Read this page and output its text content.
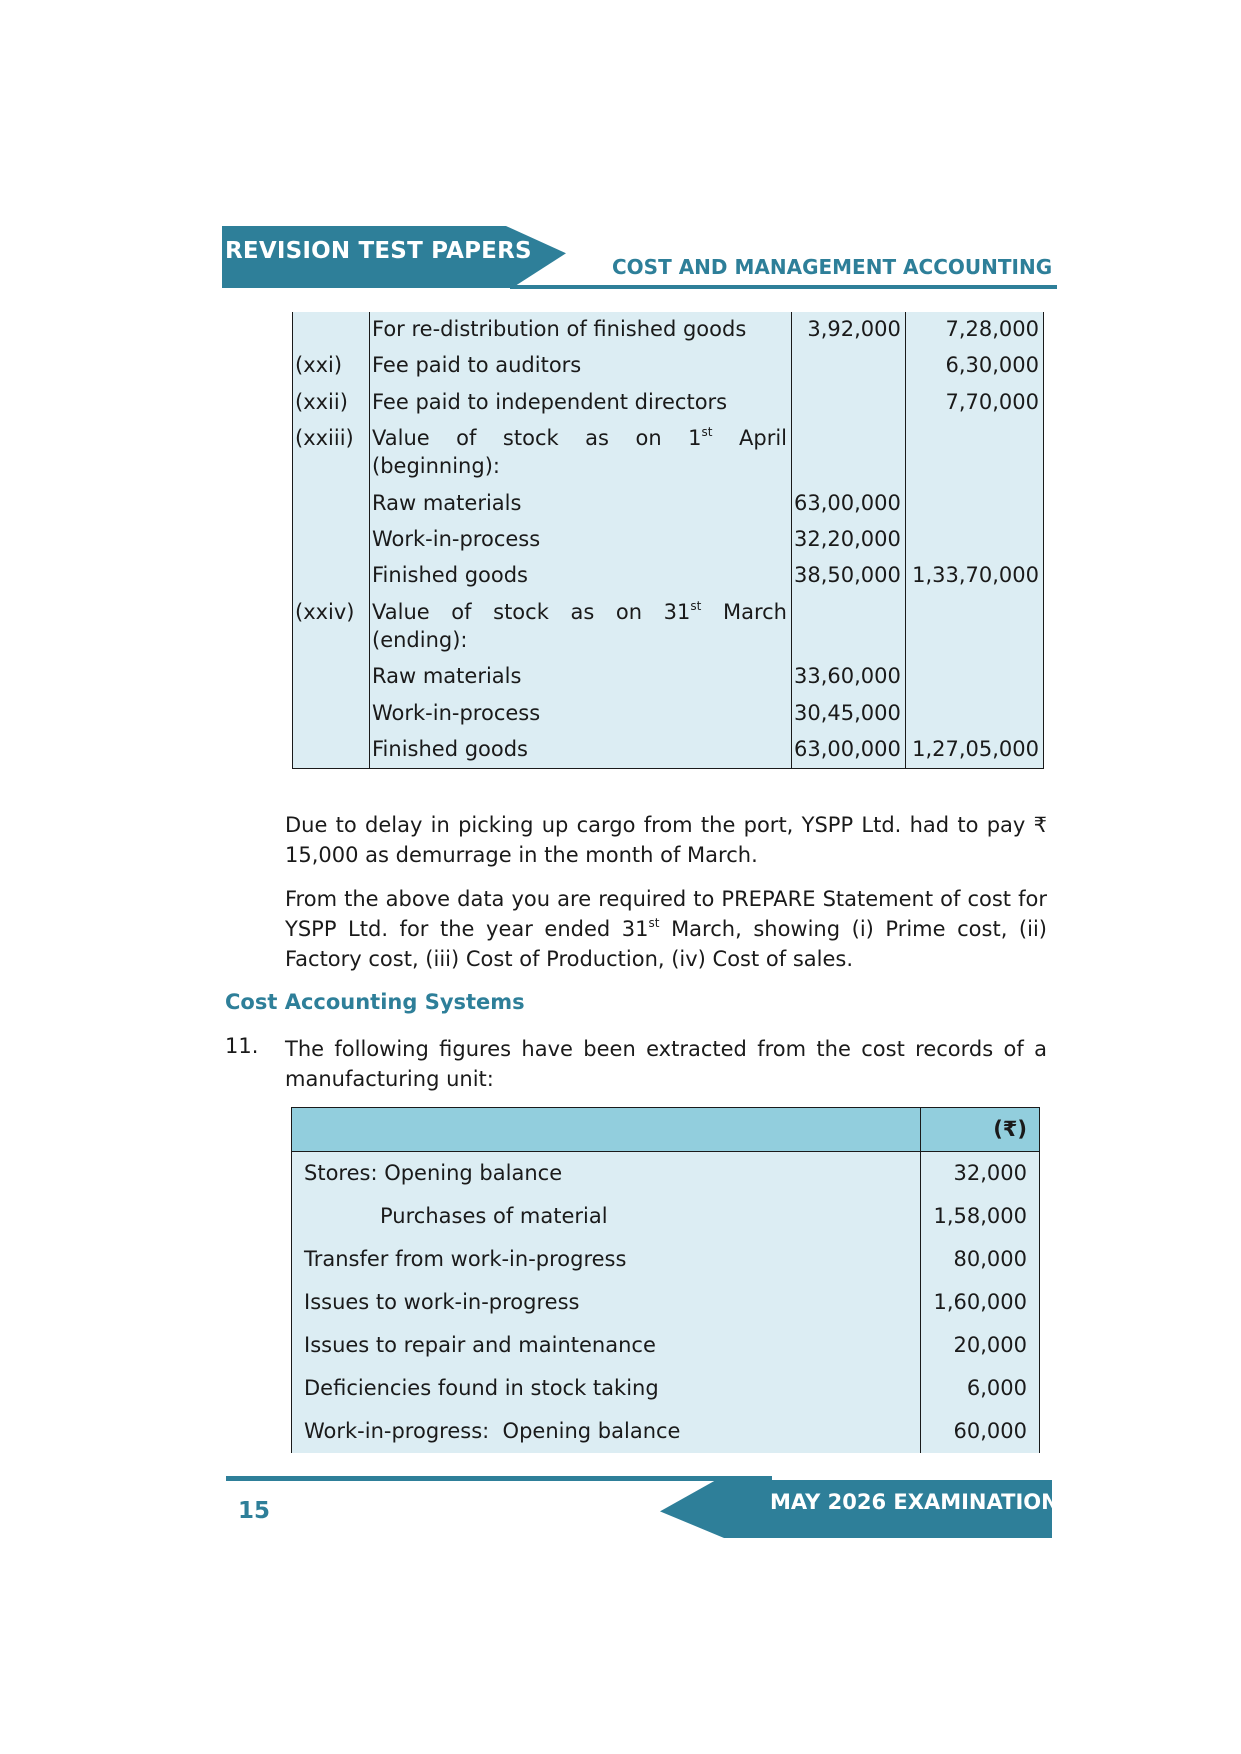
REVISION TEST PAPERS
COST AND MANAGEMENT ACCOUNTING
	For re-distribution of finished goods	3,92,000	7,28,000
(xxi)	Fee paid to auditors		6,30,000
(xxii)	Fee paid to independent directors		7,70,000
(xxiii)	Value of stock as on 1st April
(beginning):		

	Raw materials	63,00,000	
	Work-in-process	32,20,000	
	Finished goods	38,50,000	1,33,70,000
(xxiv)	Value of stock as on 31st March
(ending):		

	Raw materials	33,60,000	
	Work-in-process	30,45,000	
	Finished goods	63,00,000	1,27,05,000

Due to delay in picking up cargo from the port, YSPP Ltd. had to pay ₹ 15,000 as demurrage in the month of March.

From the above data you are required to PREPARE Statement of cost for YSPP Ltd. for the year ended 31st March, showing (i) Prime cost, (ii) Factory cost, (iii) Cost of Production, (iv) Cost of sales.

Cost Accounting Systems
11. The following figures have been extracted from the cost records of a manufacturing unit:

	(₹)
Stores: Opening balance	32,000
Purchases of material	1,58,000
Transfer from work-in-progress	80,000
Issues to work-in-progress	1,60,000
Issues to repair and maintenance	20,000
Deficiencies found in stock taking	6,000
Work-in-progress:  Opening balance	60,000
15	MAY 2026 EXAMINATION
